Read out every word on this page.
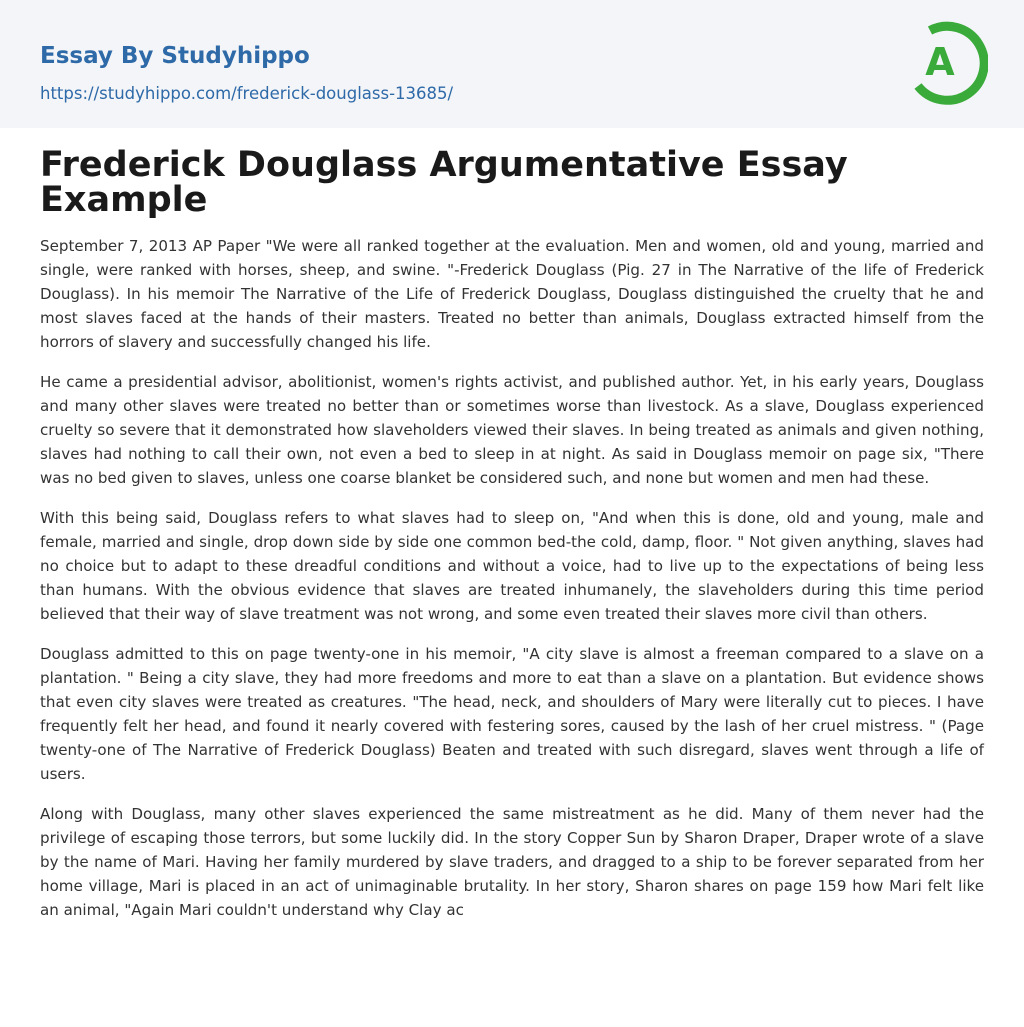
Essay By Studyhippo
https://studyhippo.com/frederick-douglass-13685/
A
Frederick Douglass Argumentative Essay Example

September 7, 2013 AP Paper "We were all ranked together at the evaluation. Men and women, old and young, married and single, were ranked with horses, sheep, and swine. "-Frederick Douglass (Pig. 27 in The Narrative of the life of Frederick Douglass). In his memoir The Narrative of the Life of Frederick Douglass, Douglass distinguished the cruelty that he and most slaves faced at the hands of their masters. Treated no better than animals, Douglass extracted himself from the horrors of slavery and successfully changed his life.

He came a presidential advisor, abolitionist, women's rights activist, and published author. Yet, in his early years, Douglass and many other slaves were treated no better than or sometimes worse than livestock. As a slave, Douglass experienced cruelty so severe that it demonstrated how slaveholders viewed their slaves. In being treated as animals and given nothing, slaves had nothing to call their own, not even a bed to sleep in at night. As said in Douglass memoir on page six, "There was no bed given to slaves, unless one coarse blanket be considered such, and none but women and men had these.

With this being said, Douglass refers to what slaves had to sleep on, "And when this is done, old and young, male and female, married and single, drop down side by side one common bed-the cold, damp, floor. " Not given anything, slaves had no choice but to adapt to these dreadful conditions and without a voice, had to live up to the expectations of being less than humans. With the obvious evidence that slaves are treated inhumanely, the slaveholders during this time period believed that their way of slave treatment was not wrong, and some even treated their slaves more civil than others.

Douglass admitted to this on page twenty-one in his memoir, "A city slave is almost a freeman compared to a slave on a plantation. " Being a city slave, they had more freedoms and more to eat than a slave on a plantation. But evidence shows that even city slaves were treated as creatures. "The head, neck, and shoulders of Mary were literally cut to pieces. I have frequently felt her head, and found it nearly covered with festering sores, caused by the lash of her cruel mistress. " (Page twenty-one of The Narrative of Frederick Douglass) Beaten and treated with such disregard, slaves went through a life of users.

Along with Douglass, many other slaves experienced the same mistreatment as he did. Many of them never had the privilege of escaping those terrors, but some luckily did. In the story Copper Sun by Sharon Draper, Draper wrote of a slave by the name of Mari. Having her family murdered by slave traders, and dragged to a ship to be forever separated from her home village, Mari is placed in an act of unimaginable brutality. In her story, Sharon shares on page 159 how Mari felt like an animal, "Again Mari couldn't understand why Clay ac
